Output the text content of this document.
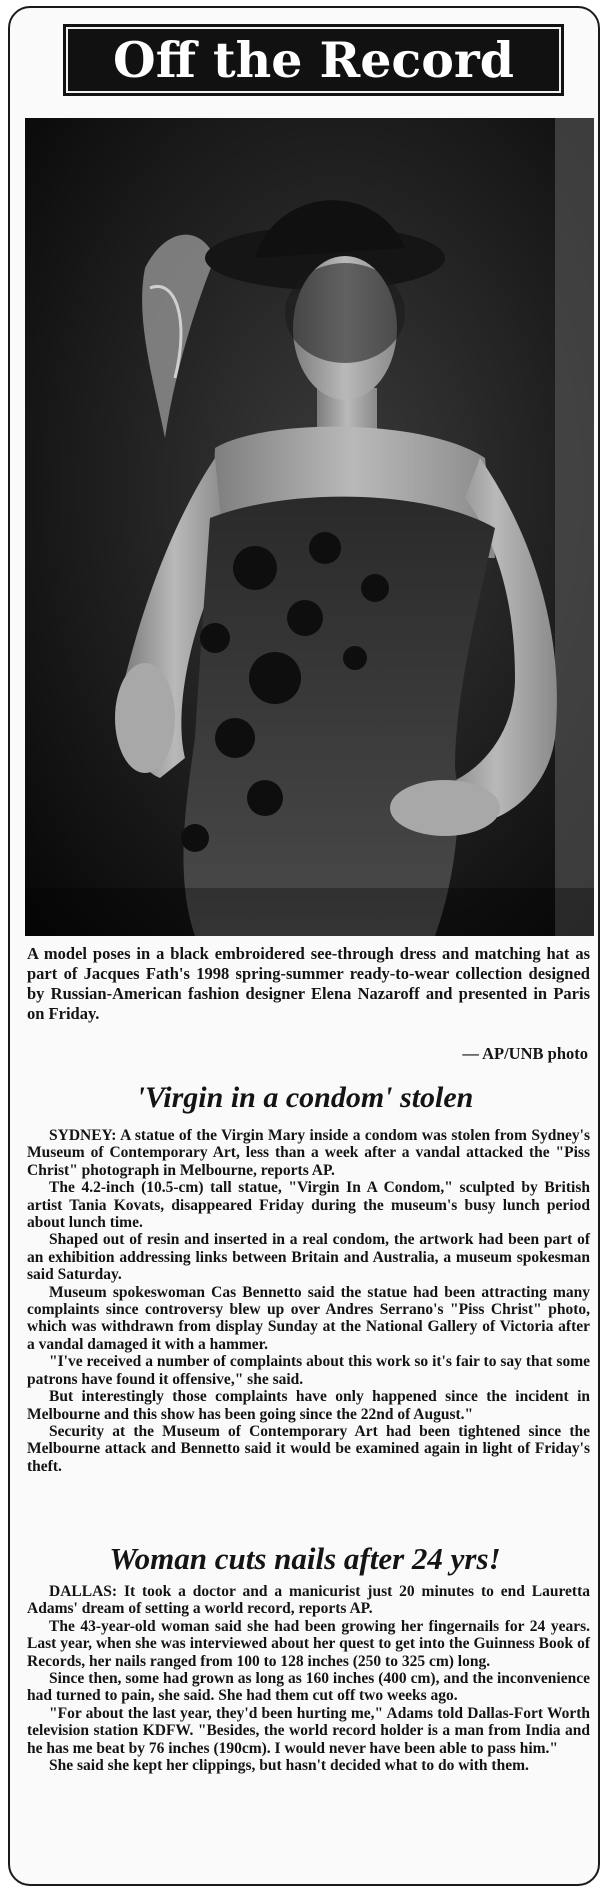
Off the Record
A model poses in a black embroidered see-through dress and matching hat as part of Jacques Fath's 1998 spring-summer ready-to-wear collection designed by Russian-American fashion designer Elena Nazaroff and presented in Paris on Friday.
— AP/UNB photo
'Virgin in a condom' stolen

SYDNEY: A statue of the Virgin Mary inside a condom was stolen from Sydney's Museum of Contemporary Art, less than a week after a vandal attacked the "Piss Christ" photograph in Melbourne, reports AP.

The 4.2-inch (10.5-cm) tall statue, "Virgin In A Condom," sculpted by British artist Tania Kovats, disappeared Friday during the museum's busy lunch period about lunch time.

Shaped out of resin and inserted in a real condom, the artwork had been part of an exhibition addressing links between Britain and Australia, a museum spokesman said Saturday.

Museum spokeswoman Cas Bennetto said the statue had been attracting many complaints since controversy blew up over Andres Serrano's "Piss Christ" photo, which was withdrawn from display Sunday at the National Gallery of Victoria after a vandal damaged it with a hammer.

"I've received a number of complaints about this work so it's fair to say that some patrons have found it offensive," she said.

But interestingly those complaints have only happened since the incident in Melbourne and this show has been going since the 22nd of August."

Security at the Museum of Contemporary Art had been tightened since the Melbourne attack and Bennetto said it would be examined again in light of Friday's theft.

Woman cuts nails after 24 yrs!

DALLAS: It took a doctor and a manicurist just 20 minutes to end Lauretta Adams' dream of setting a world record, reports AP.

The 43-year-old woman said she had been growing her fingernails for 24 years. Last year, when she was interviewed about her quest to get into the Guinness Book of Records, her nails ranged from 100 to 128 inches (250 to 325 cm) long.

Since then, some had grown as long as 160 inches (400 cm), and the inconvenience had turned to pain, she said. She had them cut off two weeks ago.

"For about the last year, they'd been hurting me," Adams told Dallas-Fort Worth television station KDFW. "Besides, the world record holder is a man from India and he has me beat by 76 inches (190cm). I would never have been able to pass him."

She said she kept her clippings, but hasn't decided what to do with them.
